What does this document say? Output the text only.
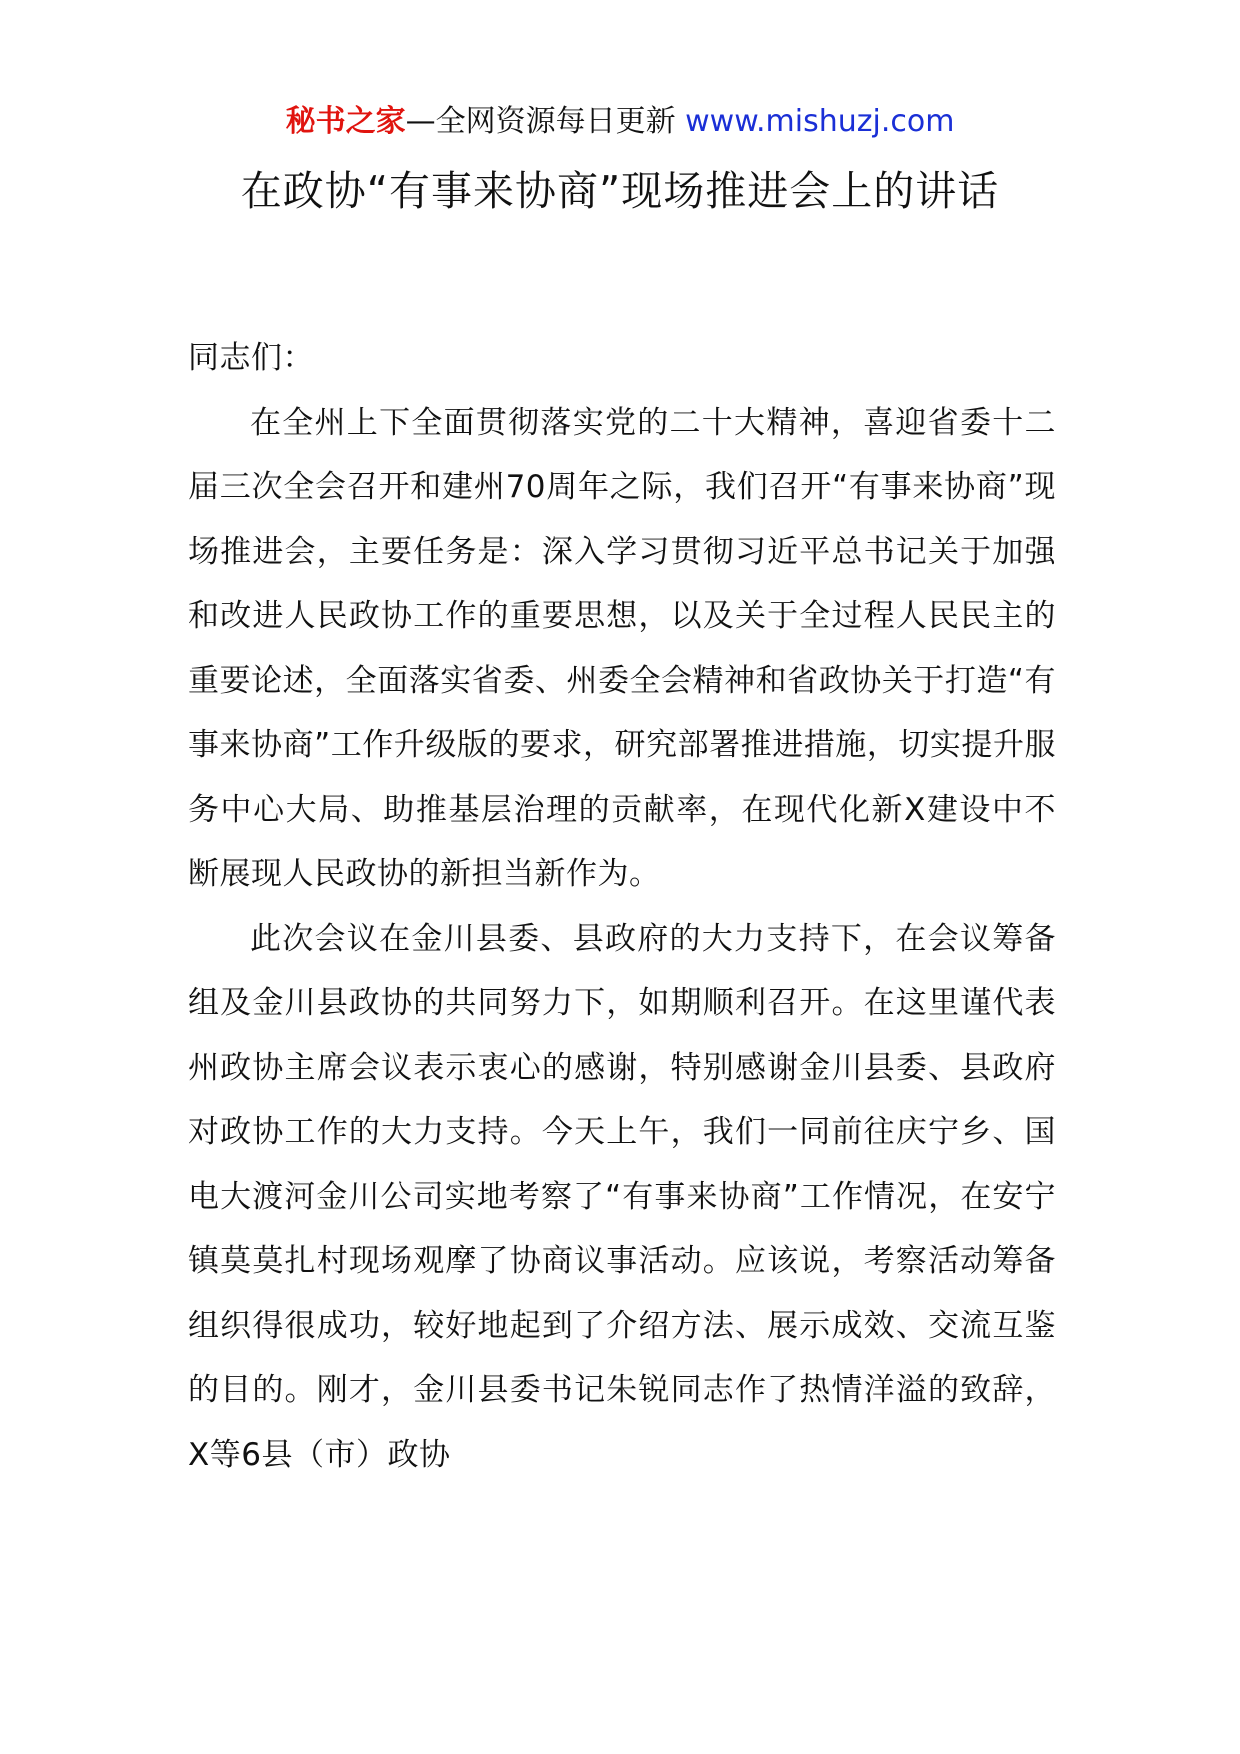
秘书之家—全网资源每日更新 www.mishuzj.com
在政协“有事来协商”现场推进会上的讲话

同志们：

在全州上下全面贯彻落实党的二十大精神，喜迎省委十二届三次全会召开和建州70周年之际，我们召开“有事来协商”现场推进会，主要任务是：深入学习贯彻习近平总书记关于加强和改进人民政协工作的重要思想，以及关于全过程人民民主的重要论述，全面落实省委、州委全会精神和省政协关于打造“有事来协商”工作升级版的要求，研究部署推进措施，切实提升服务中心大局、助推基层治理的贡献率，在现代化新X建设中不断展现人民政协的新担当新作为。

此次会议在金川县委、县政府的大力支持下，在会议筹备组及金川县政协的共同努力下，如期顺利召开。在这里谨代表州政协主席会议表示衷心的感谢，特别感谢金川县委、县政府对政协工作的大力支持。今天上午，我们一同前往庆宁乡、国电大渡河金川公司实地考察了“有事来协商”工作情况，在安宁镇莫莫扎村现场观摩了协商议事活动。应该说，考察活动筹备组织得很成功，较好地起到了介绍方法、展示成效、交流互鉴的目的。刚才，金川县委书记朱锐同志作了热情洋溢的致辞，X等6县（市）政协
